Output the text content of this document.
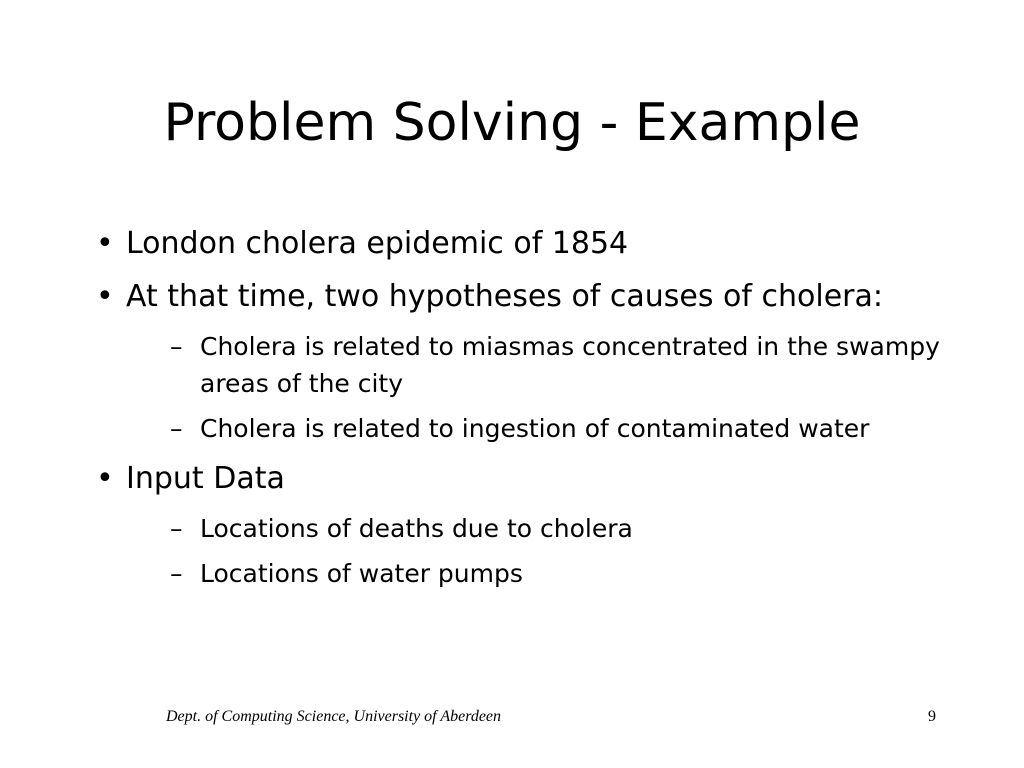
Problem Solving - Example
• London cholera epidemic of 1854
• At that time, two hypotheses of causes of cholera:
– Cholera is related to miasmas concentrated in the swampy areas of the city
– Cholera is related to ingestion of contaminated water
• Input Data
– Locations of deaths due to cholera
– Locations of water pumps
Dept. of Computing Science, University of Aberdeen	9
